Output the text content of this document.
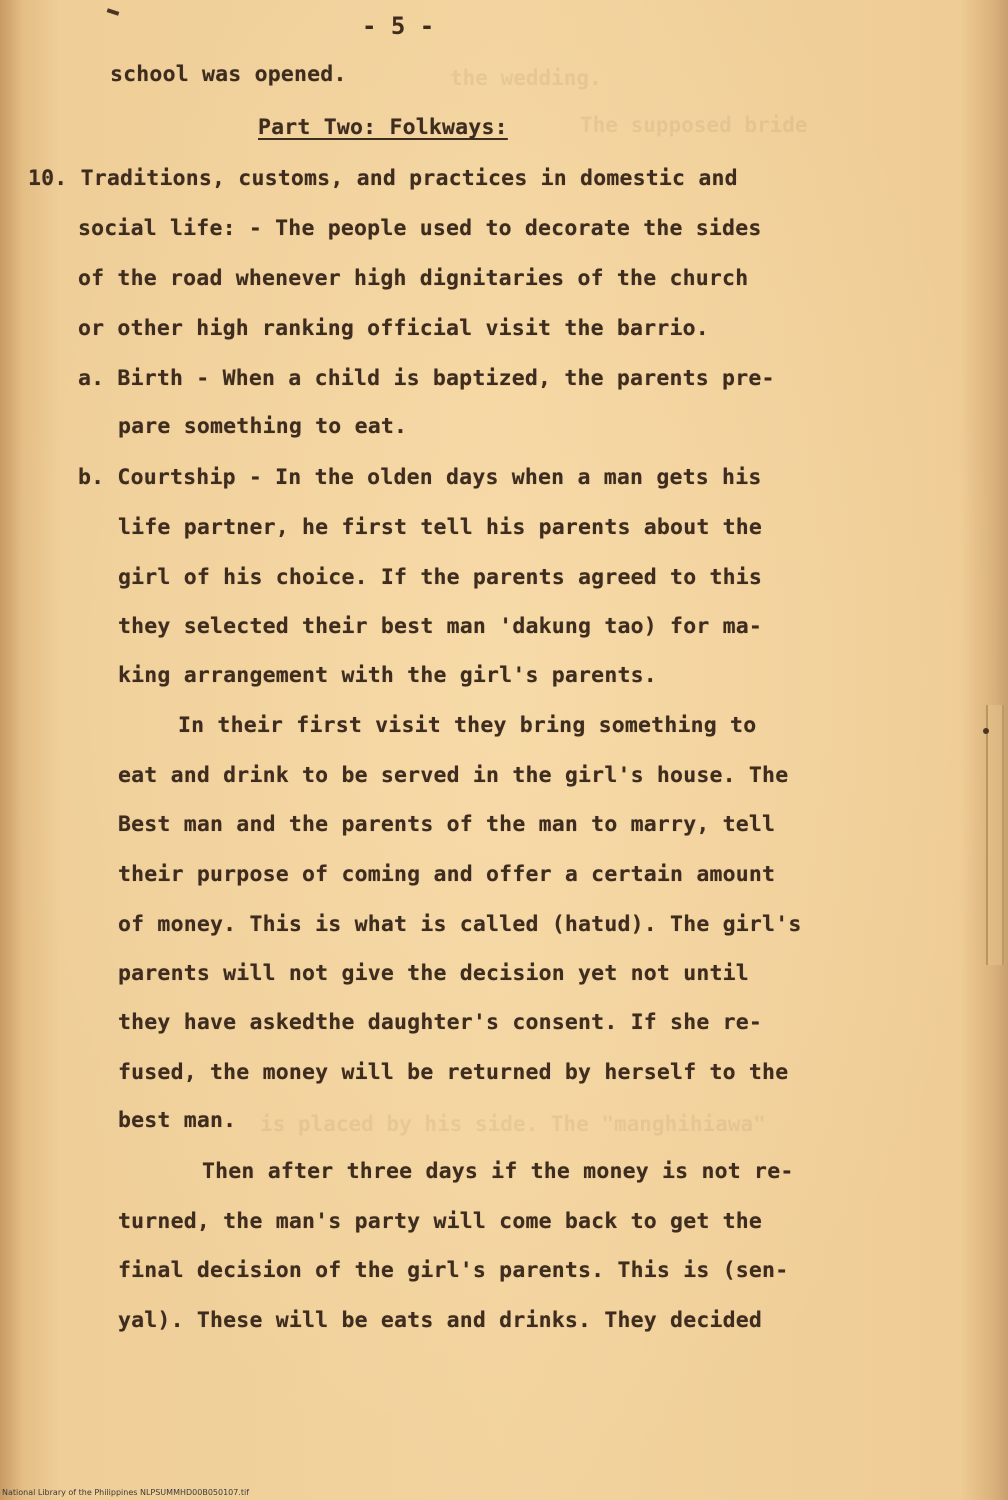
the wedding.
The supposed bride
is placed by his side. The "manghihiawa"
- 5 -
school was opened.
Part Two: Folkways:
10. Traditions, customs, and practices in domestic and
social life: - The people used to decorate the sides
of the road whenever high dignitaries of the church
or other high ranking official visit the barrio.
a. Birth - When a child is baptized, the parents pre-
pare something to eat.
b. Courtship - In the olden days when a man gets his
life partner, he first tell his parents about the
girl of his choice. If the parents agreed to this
they selected their best man 'dakung tao) for ma-
king arrangement with the girl's parents.
In their first visit they bring something to
eat and drink to be served in the girl's house. The
Best man and the parents of the man to marry, tell
their purpose of coming and offer a certain amount
of money. This is what is called (hatud). The girl's
parents will not give the decision yet not until
they have askedthe daughter's consent. If she re-
fused, the money will be returned by herself to the
best man.
Then after three days if the money is not re-
turned, the man's party will come back to get the
final decision of the girl's parents. This is (sen-
yal). These will be eats and drinks. They decided
National Library of the Philippines NLPSUMMHD00B050107.tif
